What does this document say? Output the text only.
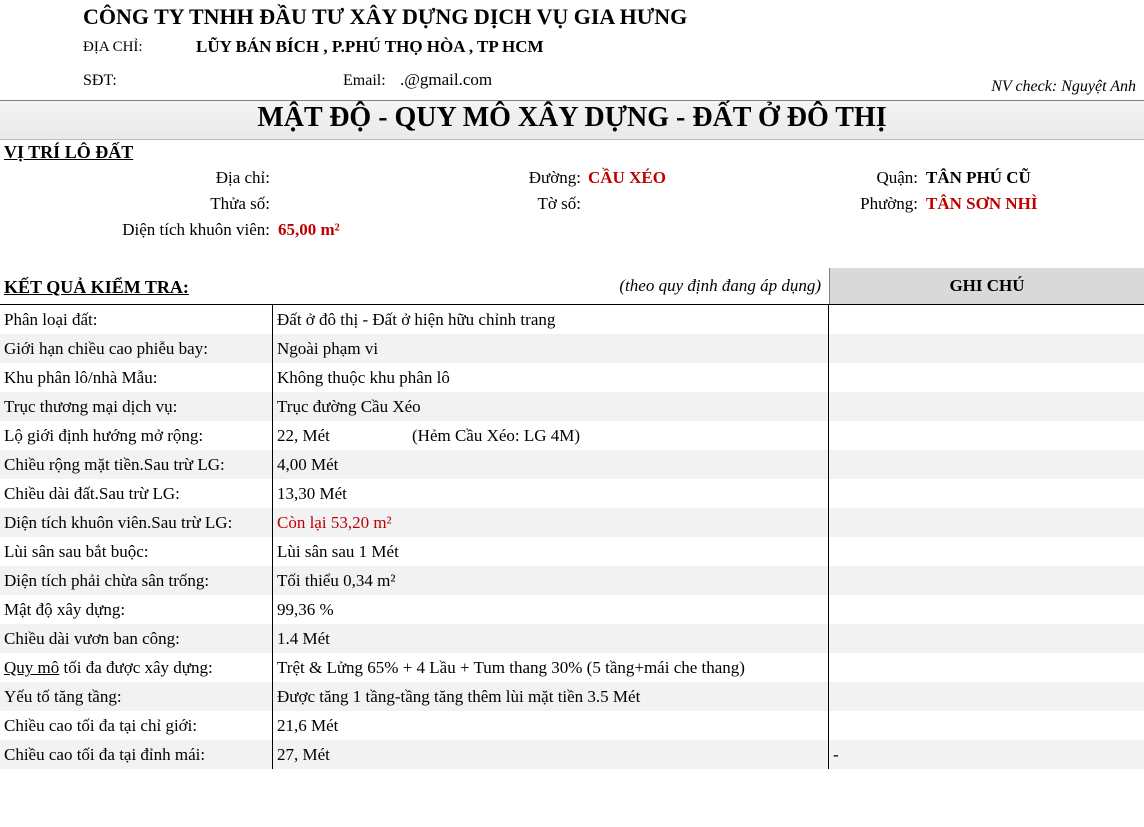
CÔNG TY TNHH ĐẦU TƯ XÂY DỰNG DỊCH VỤ GIA HƯNG
ĐỊA CHỈ:	LŨY BÁN BÍCH , P.PHÚ THỌ HÒA , TP HCM
SĐT:	Email: .@gmail.com	NV check: Nguyệt Anh
MẬT ĐỘ - QUY MÔ XÂY DỰNG - ĐẤT Ở ĐÔ THỊ
VỊ TRÍ LÔ ĐẤT
Địa chỉ:
Thửa số:
Diện tích khuôn viên: 65,00 m²
Đường: CẦU XÉO
Tờ số:
Quận: TÂN PHÚ CŨ
Phường: TÂN SƠN NHÌ
KẾT QUẢ KIỂM TRA:	(theo quy định đang áp dụng)	GHI CHÚ
Phân loại đất:	Đất ở đô thị - Đất ở hiện hữu chỉnh trang
Giới hạn chiều cao phiễu bay:	Ngoài phạm vi
Khu phân lô/nhà Mẫu:	Không thuộc khu phân lô
Trục thương mại dịch vụ:	Trục đường Cầu Xéo
Lộ giới định hướng mở rộng:	22, Mét	(Hẻm Cầu Xéo: LG 4M)
Chiều rộng mặt tiền.Sau trừ LG:	4,00 Mét
Chiều dài đất.Sau trừ LG:	13,30 Mét
Diện tích khuôn viên.Sau trừ LG:	Còn lại 53,20 m²
Lùi sân sau bắt buộc:	Lùi sân sau 1 Mét
Diện tích phải chừa sân trống:	Tối thiểu 0,34 m²
Mật độ xây dựng:	99,36 %
Chiều dài vươn ban công:	1.4 Mét
Quy mô tối đa được xây dựng:	Trệt & Lửng 65% + 4 Lầu + Tum thang 30% (5 tầng+mái che thang)
Yếu tố tăng tầng:	Được tăng 1 tầng-tầng tăng thêm lùi mặt tiền 3.5 Mét
Chiều cao tối đa tại chỉ giới:	21,6 Mét
Chiều cao tối đa tại đỉnh mái:	27, Mét	-
